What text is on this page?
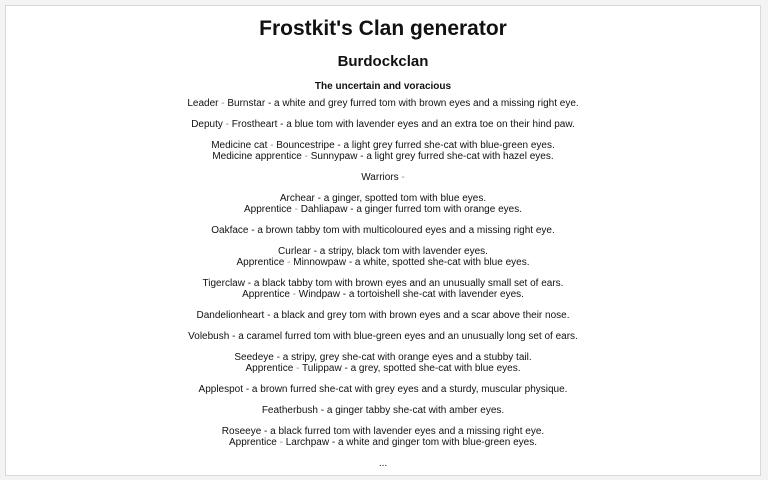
Frostkit's Clan generator
Burdockclan

The uncertain and voracious

Leader - Burnstar - a white and grey furred tom with brown eyes and a missing right eye.

Deputy - Frostheart - a blue tom with lavender eyes and an extra toe on their hind paw.

Medicine cat - Bouncestripe - a light grey furred she-cat with blue-green eyes.
Medicine apprentice - Sunnypaw - a light grey furred she-cat with hazel eyes.

Warriors -

Archear - a ginger, spotted tom with blue eyes.
Apprentice - Dahliapaw - a ginger furred tom with orange eyes.

Oakface - a brown tabby tom with multicoloured eyes and a missing right eye.

Curlear - a stripy, black tom with lavender eyes.
Apprentice - Minnowpaw - a white, spotted she-cat with blue eyes.

Tigerclaw - a black tabby tom with brown eyes and an unusually small set of ears.
Apprentice - Windpaw - a tortoishell she-cat with lavender eyes.

Dandelionheart - a black and grey tom with brown eyes and a scar above their nose.

Volebush - a caramel furred tom with blue-green eyes and an unusually long set of ears.

Seedeye - a stripy, grey she-cat with orange eyes and a stubby tail.
Apprentice - Tulippaw - a grey, spotted she-cat with blue eyes.

Applespot - a brown furred she-cat with grey eyes and a sturdy, muscular physique.

Featherbush - a ginger tabby she-cat with amber eyes.

Roseeye - a black furred tom with lavender eyes and a missing right eye.
Apprentice - Larchpaw - a white and ginger tom with blue-green eyes.

...
